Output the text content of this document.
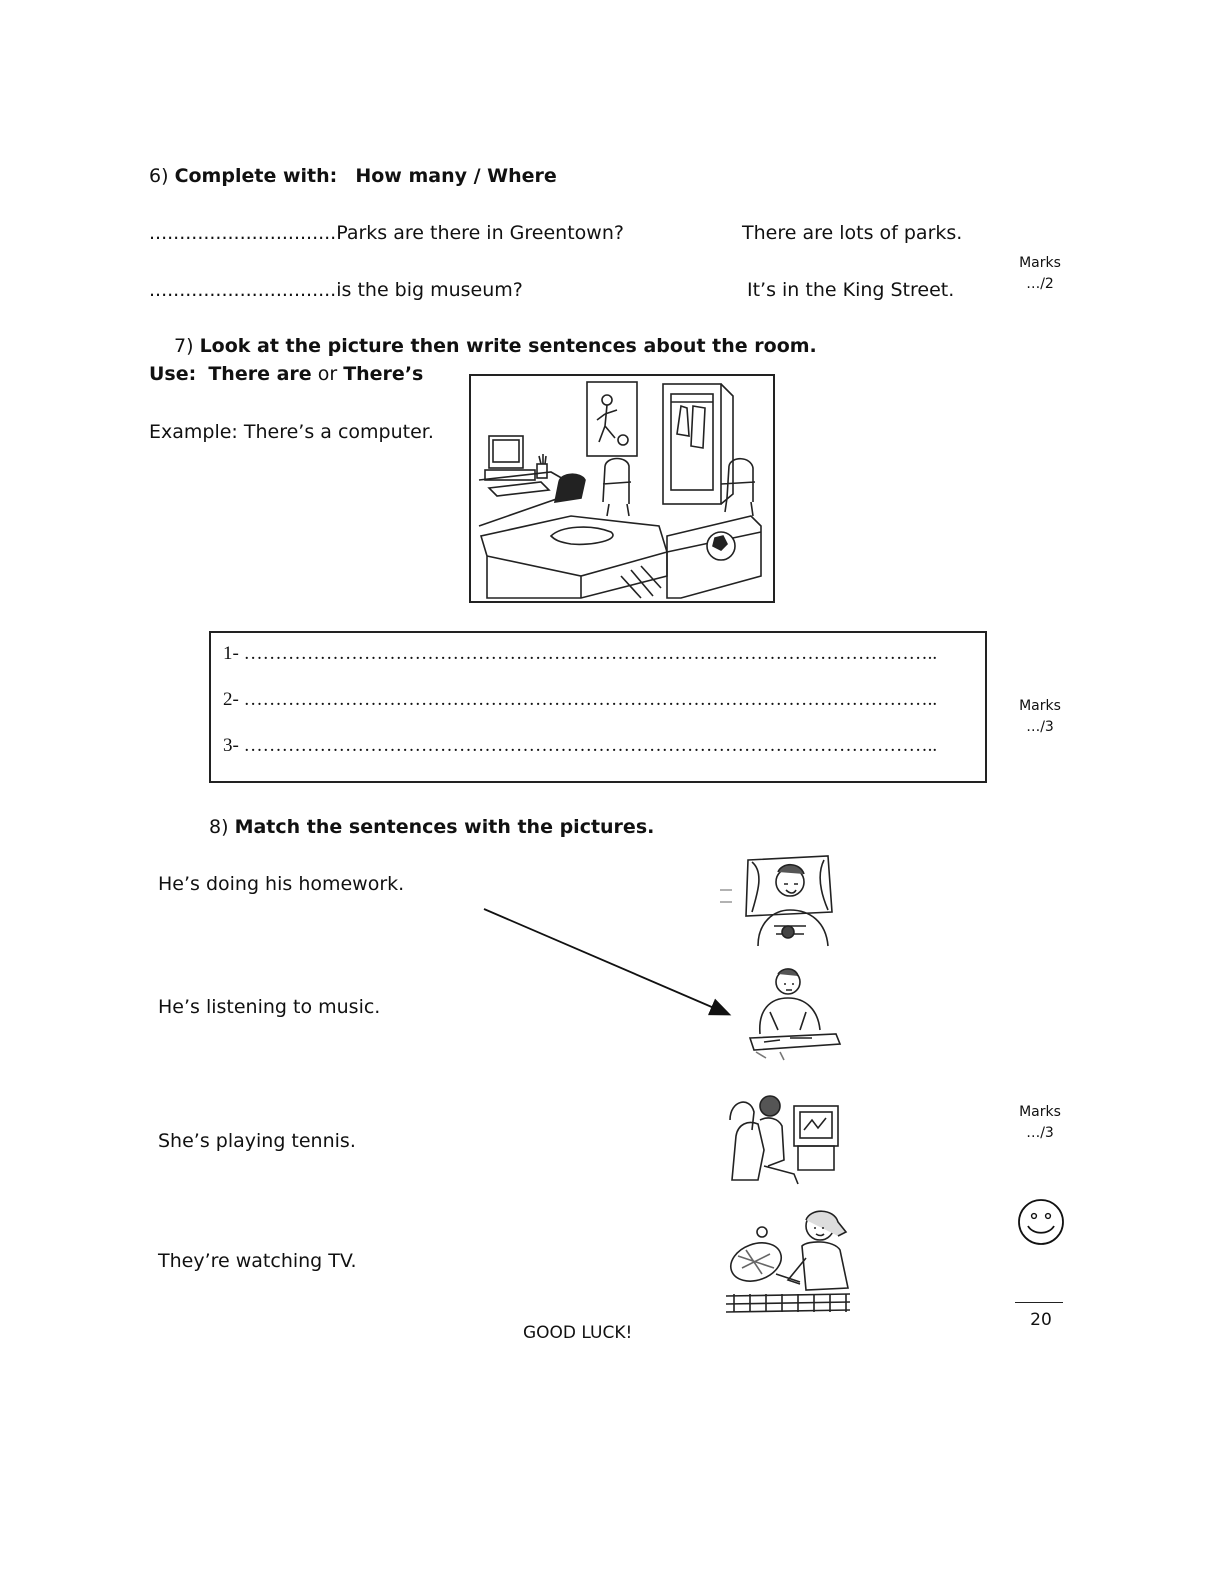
6) Complete with: How many / Where
...............................Parks are there in Greentown?	There are lots of parks.
...............................is the big museum?	It’s in the King Street.
Marks
…/2
7) Look at the picture then write sentences about the room.
Use: There are or There’s
Example: There’s a computer.
1- ………………………………………………………………………………………………..
2- ………………………………………………………………………………………………..
3- ………………………………………………………………………………………………..
Marks
…/3
8) Match the sentences with the pictures.
He’s doing his homework.
He’s listening to music.
She’s playing tennis.
They’re watching TV.
Marks
…/3
20
GOOD LUCK!
